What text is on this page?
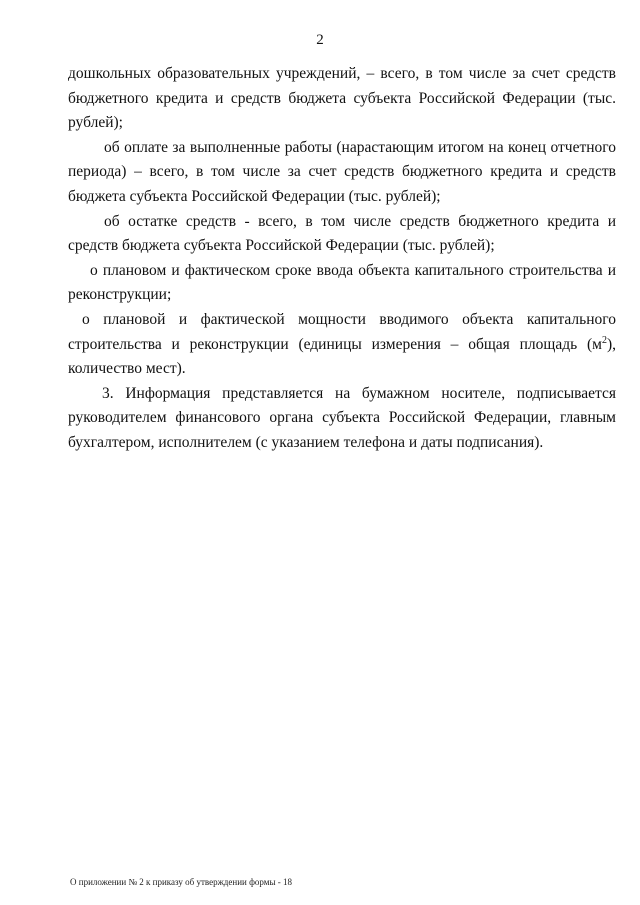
2

дошкольных образовательных учреждений, – всего, в том числе за счет средств бюджетного кредита и средств бюджета субъекта Российской Федерации (тыс. рублей);

об оплате за выполненные работы (нарастающим итогом на конец отчетного периода) – всего, в том числе за счет средств бюджетного кредита и средств бюджета субъекта Российской Федерации (тыс. рублей);

об остатке средств - всего, в том числе средств бюджетного кредита и средств бюджета субъекта Российской Федерации (тыс. рублей);

о плановом и фактическом сроке ввода объекта капитального строительства и реконструкции;

о плановой и фактической мощности вводимого объекта капитального строительства и реконструкции (единицы измерения – общая площадь $(м^2)$, количество мест).

3. Информация представляется на бумажном носителе, подписывается руководителем финансового органа субъекта Российской Федерации, главным бухгалтером, исполнителем (с указанием телефона и даты подписания).

О приложении № 2 к приказу об утверждении формы - 18
